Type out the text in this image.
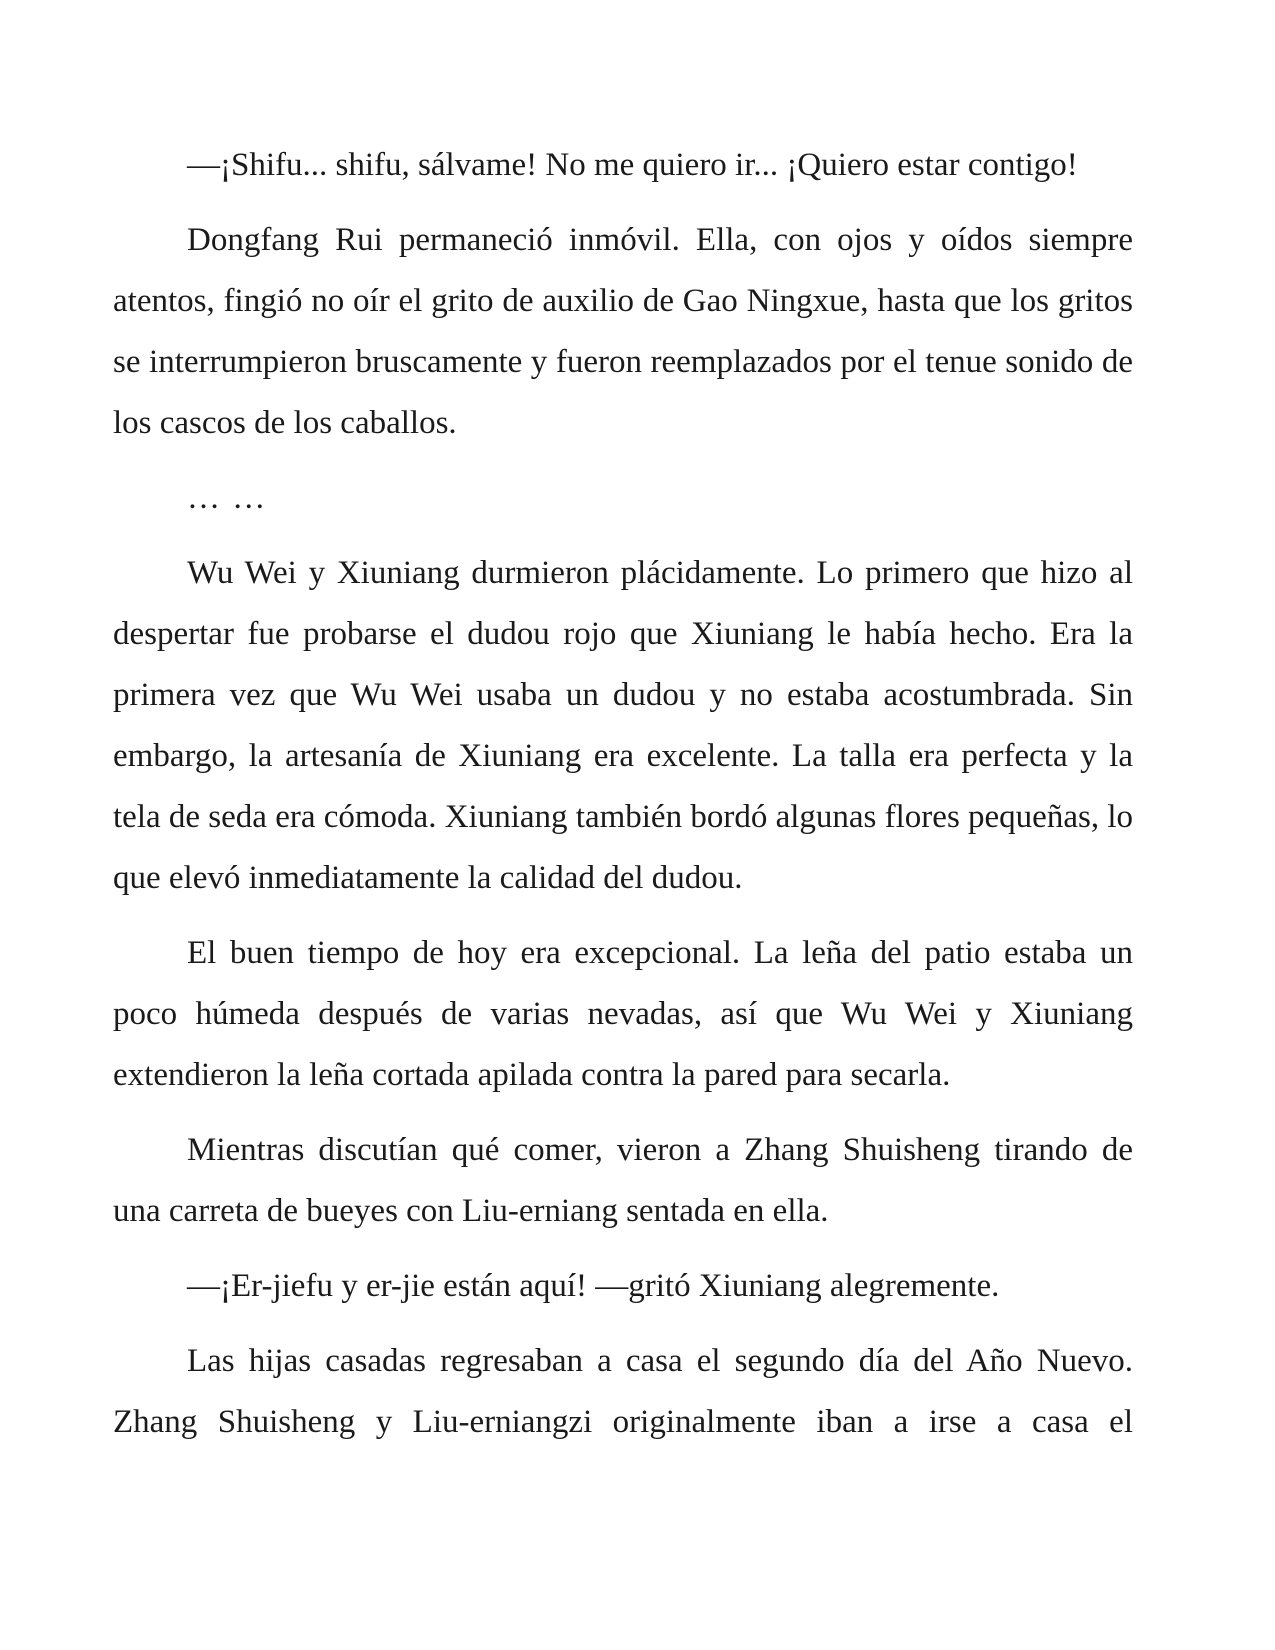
—¡Shifu... shifu, sálvame! No me quiero ir... ¡Quiero estar contigo!

Dongfang Rui permaneció inmóvil. Ella, con ojos y oídos siempre atentos, fingió no oír el grito de auxilio de Gao Ningxue, hasta que los gritos se interrumpieron bruscamente y fueron reemplazados por el tenue sonido de los cascos de los caballos.

… …

Wu Wei y Xiuniang durmieron plácidamente. Lo primero que hizo al despertar fue probarse el dudou rojo que Xiuniang le había hecho. Era la primera vez que Wu Wei usaba un dudou y no estaba acostumbrada. Sin embargo, la artesanía de Xiuniang era excelente. La talla era perfecta y la tela de seda era cómoda. Xiuniang también bordó algunas flores pequeñas, lo que elevó inmediatamente la calidad del dudou.

El buen tiempo de hoy era excepcional. La leña del patio estaba un poco húmeda después de varias nevadas, así que Wu Wei y Xiuniang extendieron la leña cortada apilada contra la pared para secarla.

Mientras discutían qué comer, vieron a Zhang Shuisheng tirando de una carreta de bueyes con Liu-erniang sentada en ella.

—¡Er-jiefu y er-jie están aquí! —gritó Xiuniang alegremente.

Las hijas casadas regresaban a casa el segundo día del Año Nuevo. Zhang Shuisheng y Liu-erniangzi originalmente iban a irse a casa el
